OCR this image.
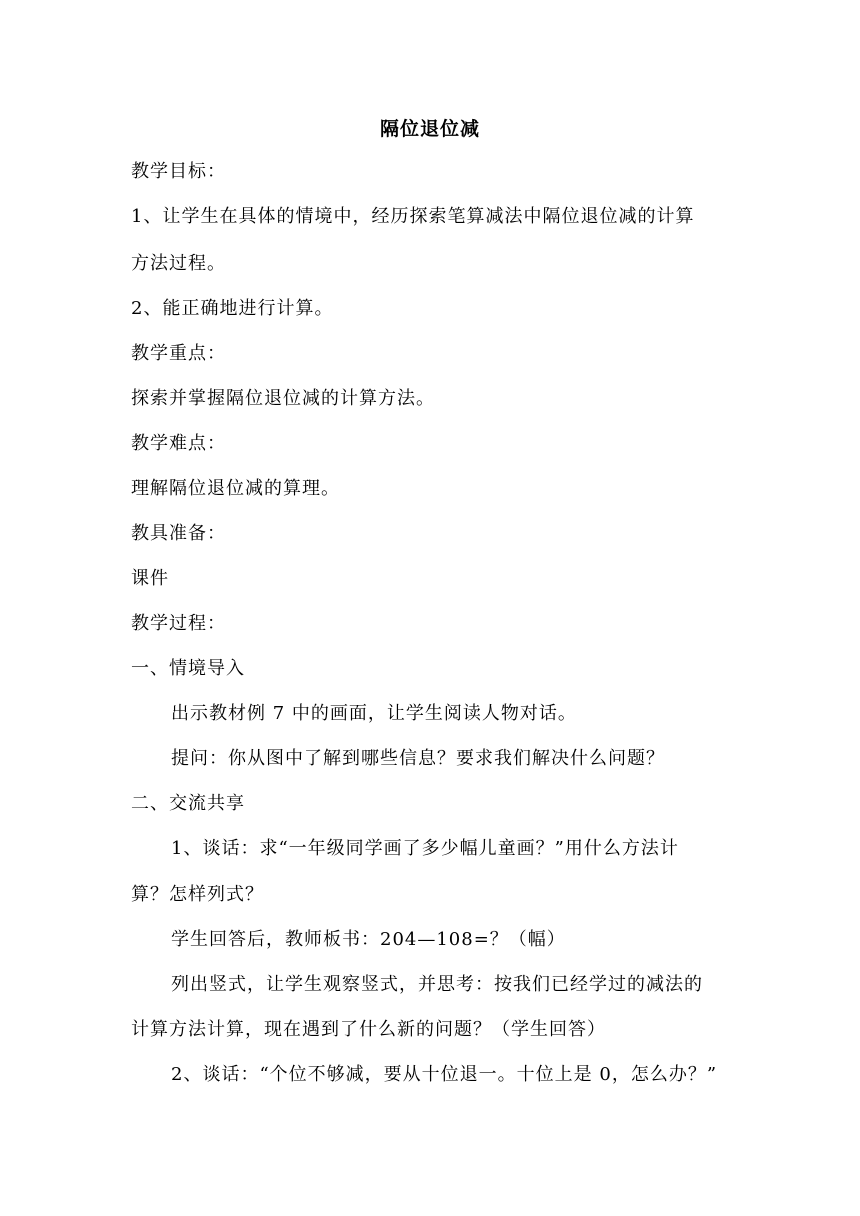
隔位退位减
教学目标：
1、让学生在具体的情境中，经历探索笔算减法中隔位退位减的计算
方法过程。
2、能正确地进行计算。
教学重点：
探索并掌握隔位退位减的计算方法。
教学难点：
理解隔位退位减的算理。
教具准备：
课件
教学过程：
一、情境导入
出示教材例 7 中的画面，让学生阅读人物对话。
提问：你从图中了解到哪些信息？要求我们解决什么问题？
二、交流共享
1、谈话：求“一年级同学画了多少幅儿童画？”用什么方法计
算？怎样列式？
学生回答后，教师板书：204—108=？（幅）
列出竖式，让学生观察竖式，并思考：按我们已经学过的减法的
计算方法计算，现在遇到了什么新的问题？（学生回答）
2、谈话：“个位不够减，要从十位退一。十位上是 0，怎么办？”
